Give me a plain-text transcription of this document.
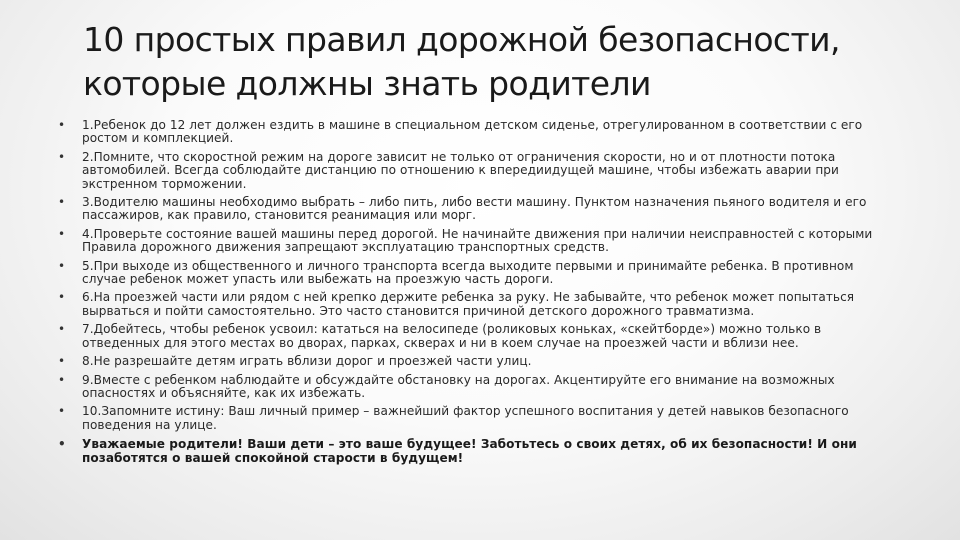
10 простых правил дорожной безопасности,
которые должны знать родители
• 1.Ребенок до 12 лет должен ездить в машине в специальном детском сиденье, отрегулированном в соответствии с его ростом и комплекцией.
• 2.Помните, что скоростной режим на дороге зависит не только от ограничения скорости, но и от плотности потока автомобилей. Всегда соблюдайте дистанцию по отношению к впередиидущей машине, чтобы избежать аварии при экстренном торможении.
• 3.Водителю машины необходимо выбрать – либо пить, либо вести машину. Пунктом назначения пьяного водителя и его пассажиров, как правило, становится реанимация или морг.
• 4.Проверьте состояние вашей машины перед дорогой. Не начинайте движения при наличии неисправностей с которыми Правила дорожного движения запрещают эксплуатацию транспортных средств.
• 5.При выходе из общественного и личного транспорта всегда выходите первыми и принимайте ребенка. В противном случае ребенок может упасть или выбежать на проезжую часть дороги.
• 6.На проезжей части или рядом с ней крепко держите ребенка за руку. Не забывайте, что ребенок может попытаться вырваться и пойти самостоятельно. Это часто становится причиной детского дорожного травматизма.
• 7.Добейтесь, чтобы ребенок усвоил: кататься на велосипеде (роликовых коньках, «скейтборде») можно только в отведенных для этого местах во дворах, парках, скверах и ни в коем случае на проезжей части и вблизи нее.
• 8.Не разрешайте детям играть вблизи дорог и проезжей части улиц.
• 9.Вместе с ребенком наблюдайте и обсуждайте обстановку на дорогах. Акцентируйте его внимание на возможных опасностях и объясняйте, как их избежать.
• 10.Запомните истину: Ваш личный пример – важнейший фактор успешного воспитания у детей навыков безопасного поведения на улице.
• Уважаемые родители! Ваши дети – это ваше будущее! Заботьтесь о своих детях, об их безопасности! И они позаботятся о вашей спокойной старости в будущем!
